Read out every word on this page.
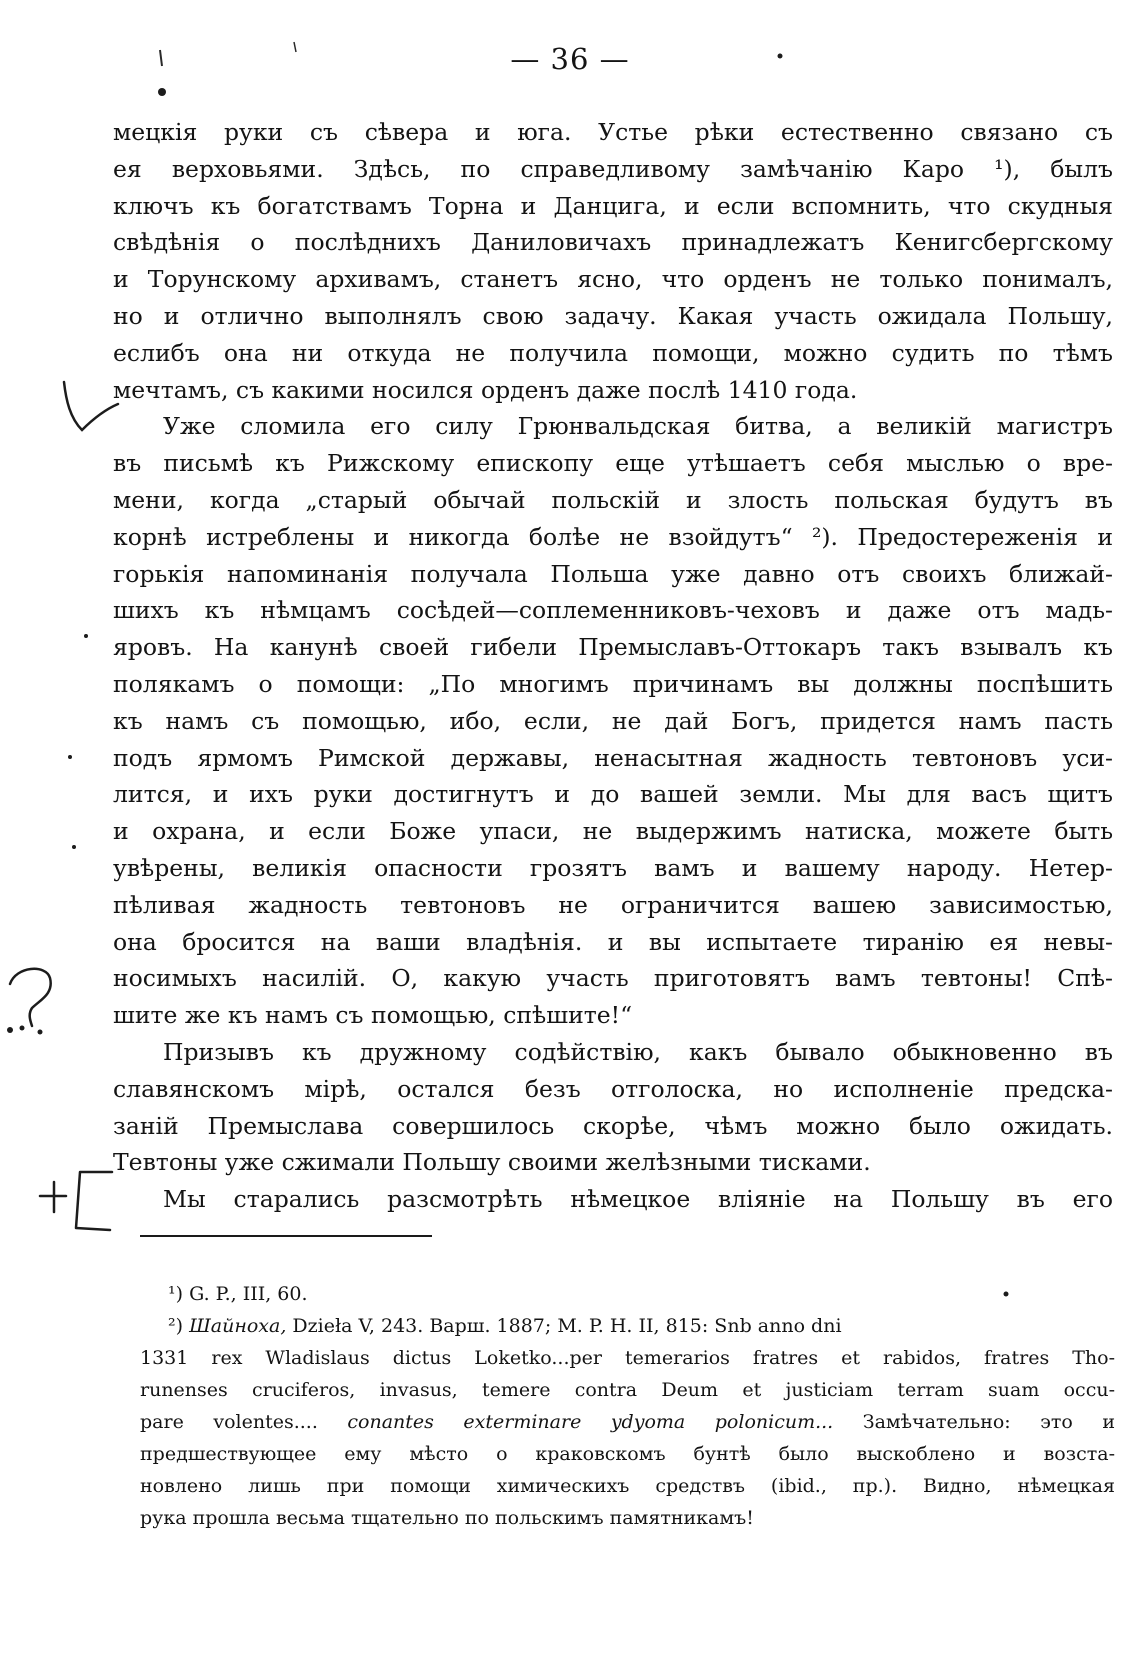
— 36 —
мецкія руки съ сѣвера и юга. Устье рѣки естественно связано съ
ея верховьями. Здѣсь, по справедливому замѣчанію Каро ¹), былъ
ключъ къ богатствамъ Торна и Данцига, и если вспомнить, что скудныя
свѣдѣнія о послѣднихъ Даниловичахъ принадлежатъ Кенигсбергскому
и Торунскому архивамъ, станетъ ясно, что орденъ не только понималъ,
но и отлично выполнялъ свою задачу. Какая участь ожидала Польшу,
еслибъ она ни откуда не получила помощи, можно судить по тѣмъ
мечтамъ, съ какими носился орденъ даже послѣ 1410 года.
Уже сломила его силу Грюнвальдская битва, а великій магистръ
въ письмѣ къ Рижскому епископу еще утѣшаетъ себя мыслью о вре-
мени, когда „старый обычай польскій и злость польская будутъ въ
корнѣ истреблены и никогда болѣе не взойдутъ“ ²). Предостереженія и
горькія напоминанія получала Польша уже давно отъ своихъ ближай-
шихъ къ нѣмцамъ сосѣдей—соплеменниковъ-чеховъ и даже отъ мадь-
яровъ. На канунѣ своей гибели Премыславъ-Оттокаръ такъ взывалъ къ
полякамъ о помощи: „По многимъ причинамъ вы должны поспѣшить
къ намъ съ помощью, ибо, если, не дай Богъ, придется намъ пасть
подъ ярмомъ Римской державы, ненасытная жадность тевтоновъ уси-
лится, и ихъ руки достигнутъ и до вашей земли. Мы для васъ щитъ
и охрана, и если Боже упаси, не выдержимъ натиска, можете быть
увѣрены, великія опасности грозятъ вамъ и вашему народу. Нетер-
пѣливая жадность тевтоновъ не ограничится вашею зависимостью,
она бросится на ваши владѣнія. и вы испытаете тиранію ея невы-
носимыхъ насилій. О, какую участь приготовятъ вамъ тевтоны! Спѣ-
шите же къ намъ съ помощью, спѣшите!“
Призывъ къ дружному содѣйствію, какъ бывало обыкновенно въ
славянскомъ мірѣ, остался безъ отголоска, но исполненіе предска-
заній Премыслава совершилось скорѣе, чѣмъ можно было ожидать.
Тевтоны уже сжимали Польшу своими желѣзными тисками.
Мы старались разсмотрѣть нѣмецкое вліяніе на Польшу въ его
¹) G. P., III, 60.
²) Шайноха, Dzieła V, 243. Варш. 1887; M. P. H. II, 815: Snb anno dni
1331 rex Wladislaus dictus Loketko...per temerarios fratres et rabidos, fratres Tho-
runenses cruciferos, invasus, temere contra Deum et justiciam terram suam occu-
pare volentes.... conantes exterminare ydyoma polonicum... Замѣчательно: это и
предшествующее ему мѣсто о краковскомъ бунтѣ было выскоблено и возста-
новлено лишь при помощи химическихъ средствъ (ibid., пр.). Видно, нѣмецкая
рука прошла весьма тщательно по польскимъ памятникамъ!
